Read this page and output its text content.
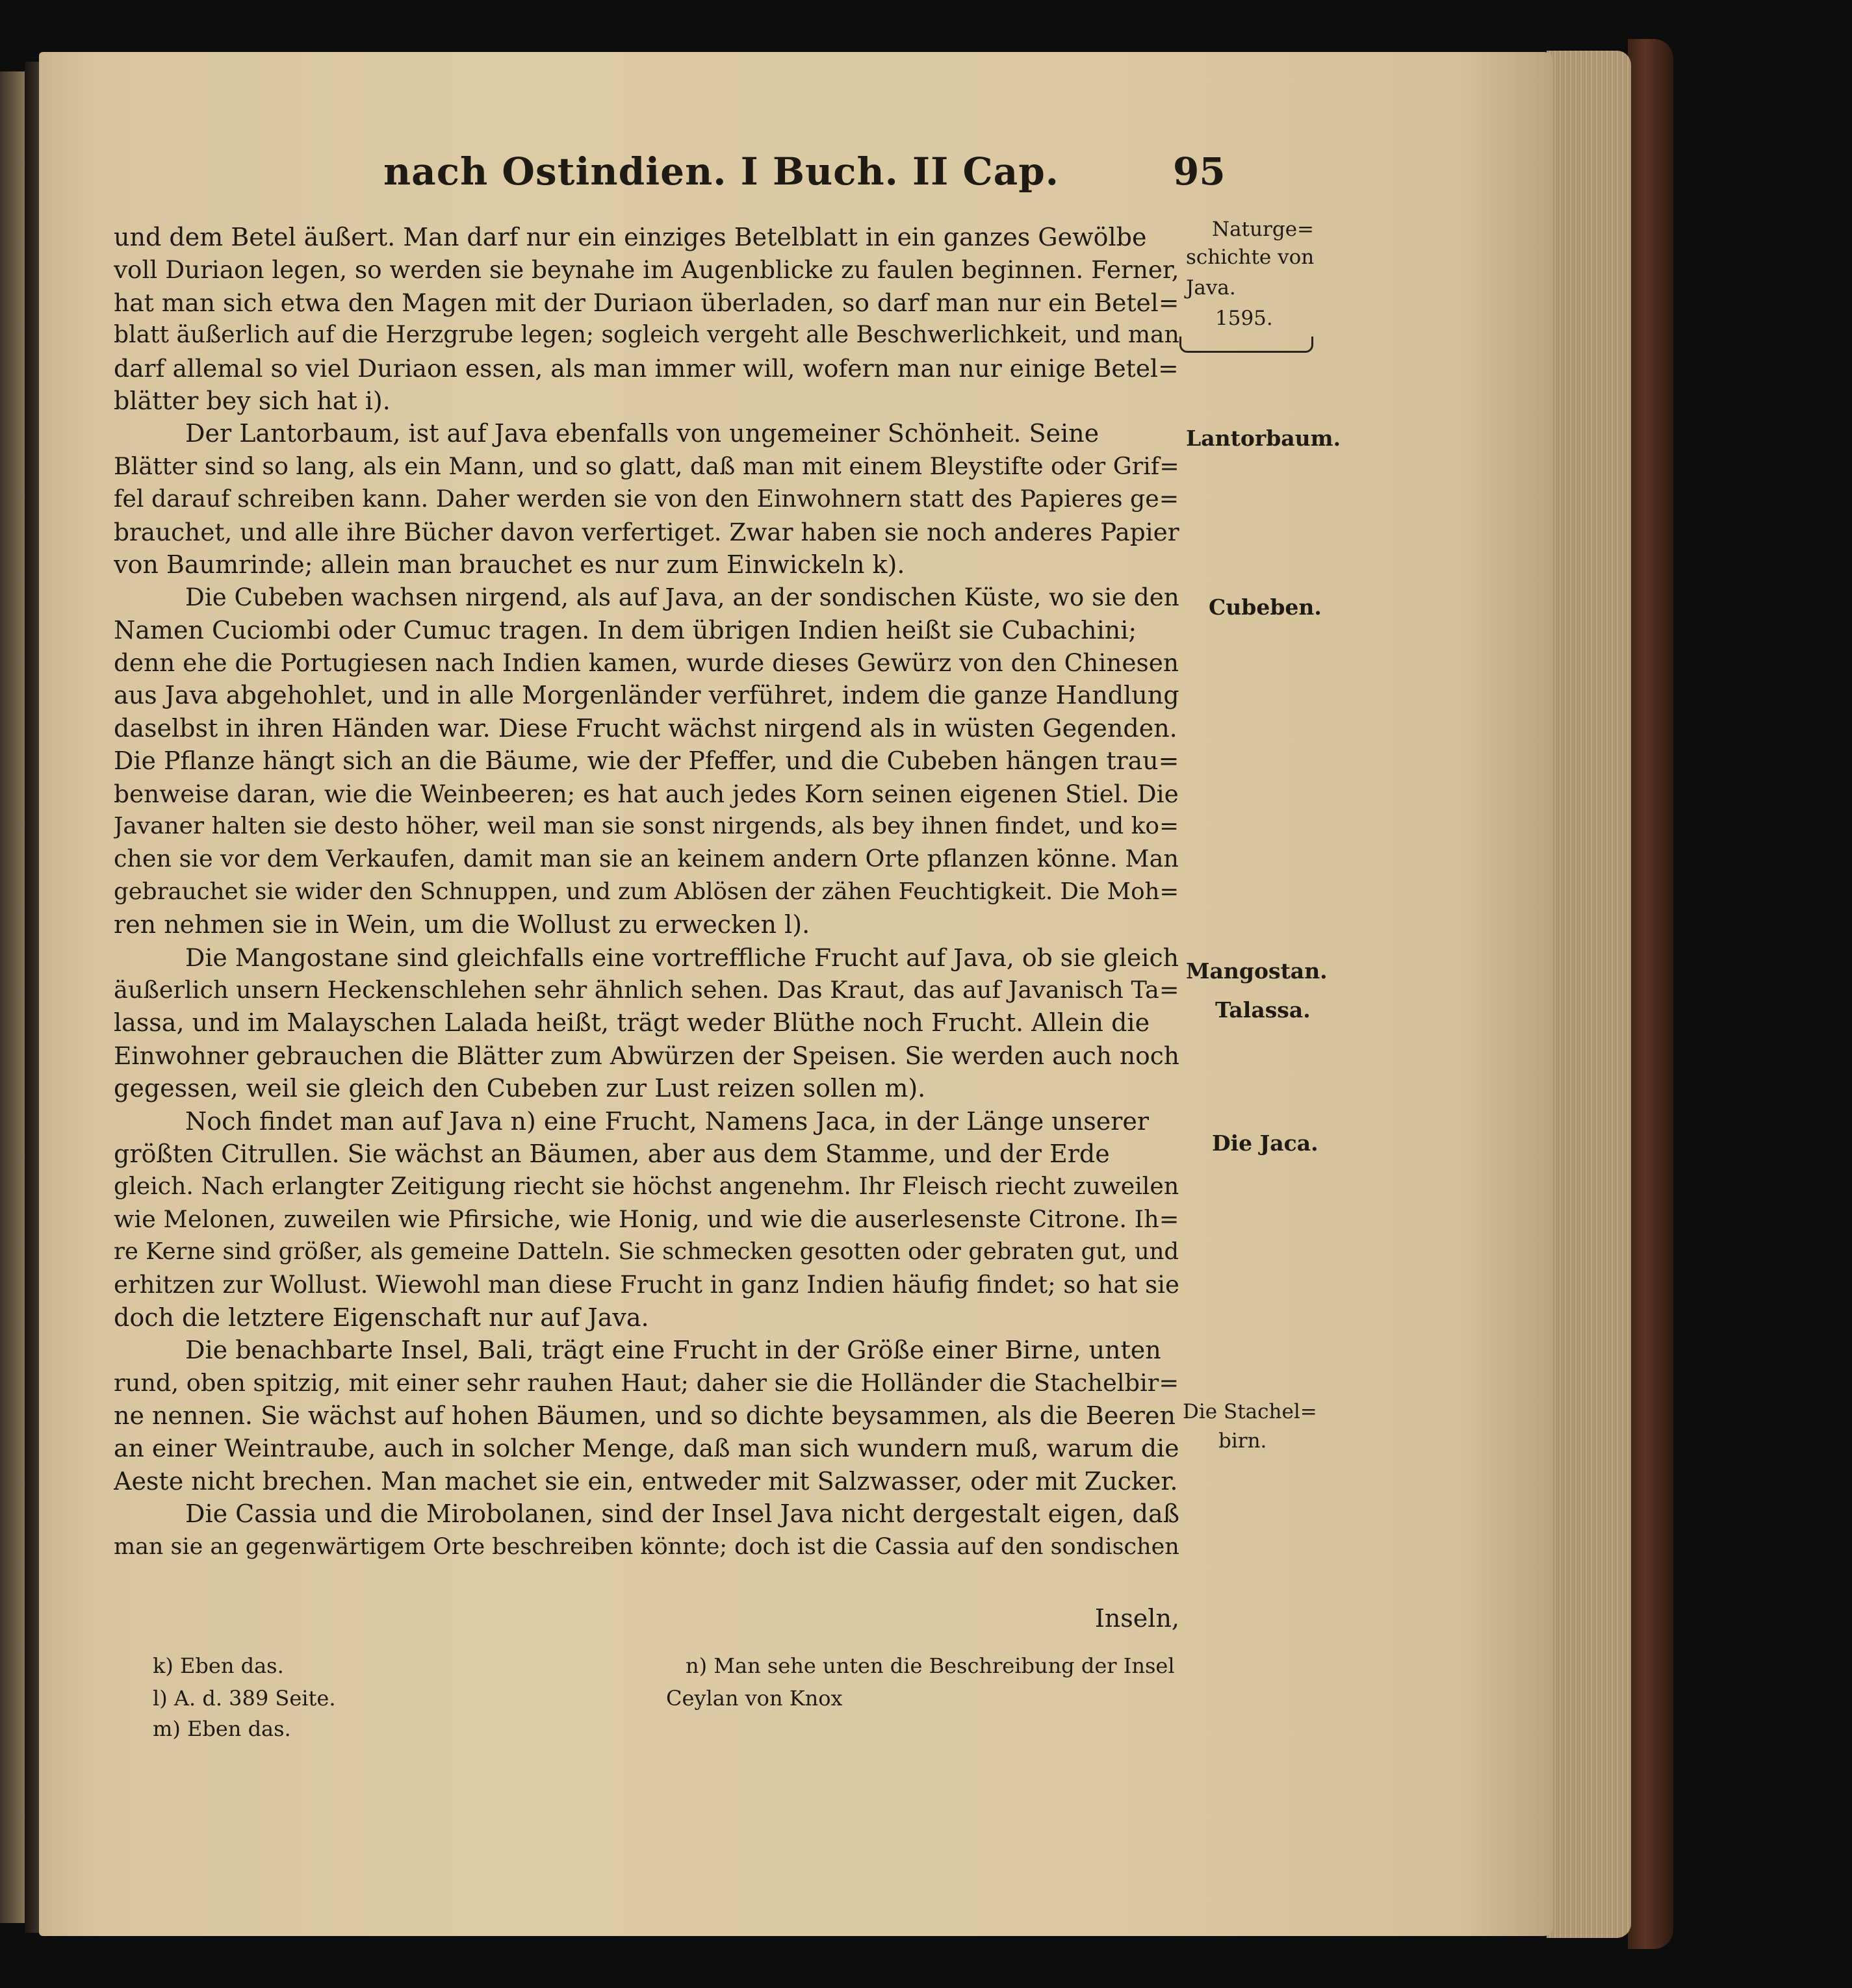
nach Ostindien. I Buch. II Cap.	95
und dem Betel äußert. Man darf nur ein einziges Betelblatt in ein ganzes Gewölbe
voll Duriaon legen, so werden sie beynahe im Augenblicke zu faulen beginnen. Ferner,
hat man sich etwa den Magen mit der Duriaon überladen, so darf man nur ein Betel=
blatt äußerlich auf die Herzgrube legen; sogleich vergeht alle Beschwerlichkeit, und man
darf allemal so viel Duriaon essen, als man immer will, wofern man nur einige Betel=
blätter bey sich hat i).
Der Lantorbaum, ist auf Java ebenfalls von ungemeiner Schönheit. Seine
Blätter sind so lang, als ein Mann, und so glatt, daß man mit einem Bleystifte oder Grif=
fel darauf schreiben kann. Daher werden sie von den Einwohnern statt des Papieres ge=
brauchet, und alle ihre Bücher davon verfertiget. Zwar haben sie noch anderes Papier
von Baumrinde; allein man brauchet es nur zum Einwickeln k).
Die Cubeben wachsen nirgend, als auf Java, an der sondischen Küste, wo sie den
Namen Cuciombi oder Cumuc tragen. In dem übrigen Indien heißt sie Cubachini;
denn ehe die Portugiesen nach Indien kamen, wurde dieses Gewürz von den Chinesen
aus Java abgehohlet, und in alle Morgenländer verführet, indem die ganze Handlung
daselbst in ihren Händen war. Diese Frucht wächst nirgend als in wüsten Gegenden.
Die Pflanze hängt sich an die Bäume, wie der Pfeffer, und die Cubeben hängen trau=
benweise daran, wie die Weinbeeren; es hat auch jedes Korn seinen eigenen Stiel. Die
Javaner halten sie desto höher, weil man sie sonst nirgends, als bey ihnen findet, und ko=
chen sie vor dem Verkaufen, damit man sie an keinem andern Orte pflanzen könne. Man
gebrauchet sie wider den Schnuppen, und zum Ablösen der zähen Feuchtigkeit. Die Moh=
ren nehmen sie in Wein, um die Wollust zu erwecken l).
Die Mangostane sind gleichfalls eine vortreffliche Frucht auf Java, ob sie gleich
äußerlich unsern Heckenschlehen sehr ähnlich sehen. Das Kraut, das auf Javanisch Ta=
lassa, und im Malayschen Lalada heißt, trägt weder Blüthe noch Frucht. Allein die
Einwohner gebrauchen die Blätter zum Abwürzen der Speisen. Sie werden auch noch
gegessen, weil sie gleich den Cubeben zur Lust reizen sollen m).
Noch findet man auf Java n) eine Frucht, Namens Jaca, in der Länge unserer
größten Citrullen. Sie wächst an Bäumen, aber aus dem Stamme, und der Erde
gleich. Nach erlangter Zeitigung riecht sie höchst angenehm. Ihr Fleisch riecht zuweilen
wie Melonen, zuweilen wie Pfirsiche, wie Honig, und wie die auserlesenste Citrone. Ih=
re Kerne sind größer, als gemeine Datteln. Sie schmecken gesotten oder gebraten gut, und
erhitzen zur Wollust. Wiewohl man diese Frucht in ganz Indien häufig findet; so hat sie
doch die letztere Eigenschaft nur auf Java.
Die benachbarte Insel, Bali, trägt eine Frucht in der Größe einer Birne, unten
rund, oben spitzig, mit einer sehr rauhen Haut; daher sie die Holländer die Stachelbir=
ne nennen. Sie wächst auf hohen Bäumen, und so dichte beysammen, als die Beeren
an einer Weintraube, auch in solcher Menge, daß man sich wundern muß, warum die
Aeste nicht brechen. Man machet sie ein, entweder mit Salzwasser, oder mit Zucker.
Die Cassia und die Mirobolanen, sind der Insel Java nicht dergestalt eigen, daß
man sie an gegenwärtigem Orte beschreiben könnte; doch ist die Cassia auf den sondischen
Inseln,
Naturge=
schichte von
Java.
1595.
Lantorbaum.
Cubeben.
Mangostan.
Talassa.
Die Jaca.
Die Stachel=
birn.
k) Eben das.
l) A. d. 389 Seite.
m) Eben das.
n) Man sehe unten die Beschreibung der Insel
Ceylan von Knox
